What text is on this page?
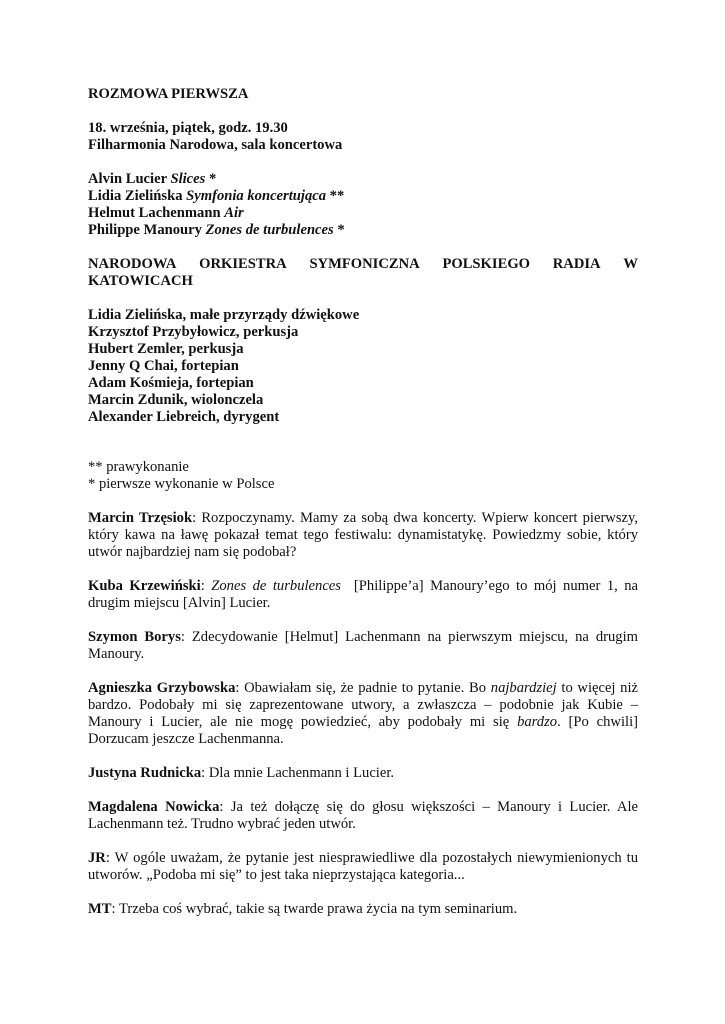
ROZMOWA PIERWSZA

18. września, piątek, godz. 19.30

Filharmonia Narodowa, sala koncertowa

Alvin Lucier Slices *

Lidia Zielińska Symfonia koncertująca **

Helmut Lachenmann Air

Philippe Manoury Zones de turbulences *

NARODOWA ORKIESTRA SYMFONICZNA POLSKIEGO RADIA W

KATOWICACH

Lidia Zielińska, małe przyrządy dźwiękowe

Krzysztof Przybyłowicz, perkusja

Hubert Zemler, perkusja

Jenny Q Chai, fortepian

Adam Kośmieja, fortepian

Marcin Zdunik, wiolonczela

Alexander Liebreich, dyrygent

** prawykonanie

* pierwsze wykonanie w Polsce

Marcin Trzęsiok: Rozpoczynamy. Mamy za sobą dwa koncerty. Wpierw koncert pierwszy, który kawa na ławę pokazał temat tego festiwalu: dynamistatykę. Powiedzmy sobie, który utwór najbardziej nam się podobał?

Kuba Krzewiński: Zones de turbulences  [Philippe’a] Manoury’ego to mój numer 1, na drugim miejscu [Alvin] Lucier.

Szymon Borys: Zdecydowanie [Helmut] Lachenmann na pierwszym miejscu, na drugim Manoury.

Agnieszka Grzybowska: Obawiałam się, że padnie to pytanie. Bo najbardziej to więcej niż bardzo. Podobały mi się zaprezentowane utwory, a zwłaszcza – podobnie jak Kubie – Manoury i Lucier, ale nie mogę powiedzieć, aby podobały mi się bardzo. [Po chwili] Dorzucam jeszcze Lachenmanna.

Justyna Rudnicka: Dla mnie Lachenmann i Lucier.

Magdalena Nowicka: Ja też dołączę się do głosu większości – Manoury i Lucier. Ale Lachenmann też. Trudno wybrać jeden utwór.

JR: W ogóle uważam, że pytanie jest niesprawiedliwe dla pozostałych niewymienionych tu utworów. „Podoba mi się” to jest taka nieprzystająca kategoria...

MT: Trzeba coś wybrać, takie są twarde prawa życia na tym seminarium.
